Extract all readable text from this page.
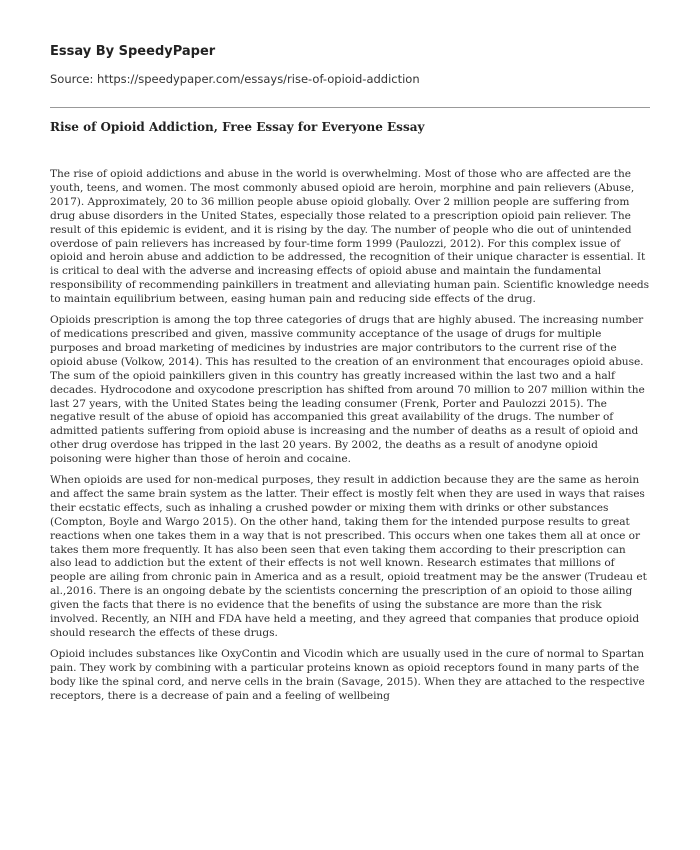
Essay By SpeedyPaper
Source: https://speedypaper.com/essays/rise-of-opioid-addiction
Rise of Opioid Addiction, Free Essay for Everyone Essay

The rise of opioid addictions and abuse in the world is overwhelming. Most of those who are affected are the youth, teens, and women. The most commonly abused opioid are heroin, morphine and pain relievers (Abuse, 2017). Approximately, 20 to 36 million people abuse opioid globally. Over 2 million people are suffering from drug abuse disorders in the United States, especially those related to a prescription opioid pain reliever. The result of this epidemic is evident, and it is rising by the day. The number of people who die out of unintended overdose of pain relievers has increased by four-time form 1999 (Paulozzi, 2012). For this complex issue of opioid and heroin abuse and addiction to be addressed, the recognition of their unique character is essential. It is critical to deal with the adverse and increasing effects of opioid abuse and maintain the fundamental responsibility of recommending painkillers in treatment and alleviating human pain. Scientific knowledge needs to maintain equilibrium between, easing human pain and reducing side effects of the drug.

Opioids prescription is among the top three categories of drugs that are highly abused. The increasing number of medications prescribed and given, massive community acceptance of the usage of drugs for multiple purposes and broad marketing of medicines by industries are major contributors to the current rise of the opioid abuse (Volkow, 2014). This has resulted to the creation of an environment that encourages opioid abuse. The sum of the opioid painkillers given in this country has greatly increased within the last two and a half decades. Hydrocodone and oxycodone prescription has shifted from around 70 million to 207 million within the last 27 years, with the United States being the leading consumer (Frenk, Porter and Paulozzi 2015). The negative result of the abuse of opioid has accompanied this great availability of the drugs. The number of admitted patients suffering from opioid abuse is increasing and the number of deaths as a result of opioid and other drug overdose has tripped in the last 20 years. By 2002, the deaths as a result of anodyne opioid poisoning were higher than those of heroin and cocaine.

When opioids are used for non-medical purposes, they result in addiction because they are the same as heroin and affect the same brain system as the latter. Their effect is mostly felt when they are used in ways that raises their ecstatic effects, such as inhaling a crushed powder or mixing them with drinks or other substances (Compton, Boyle and Wargo 2015). On the other hand, taking them for the intended purpose results to great reactions when one takes them in a way that is not prescribed. This occurs when one takes them all at once or takes them more frequently. It has also been seen that even taking them according to their prescription can also lead to addiction but the extent of their effects is not well known. Research estimates that millions of people are ailing from chronic pain in America and as a result, opioid treatment may be the answer (Trudeau et al.,2016. There is an ongoing debate by the scientists concerning the prescription of an opioid to those ailing given the facts that there is no evidence that the benefits of using the substance are more than the risk involved. Recently, an NIH and FDA have held a meeting, and they agreed that companies that produce opioid should research the effects of these drugs.

Opioid includes substances like OxyContin and Vicodin which are usually used in the cure of normal to Spartan pain. They work by combining with a particular proteins known as opioid receptors found in many parts of the body like the spinal cord, and nerve cells in the brain (Savage, 2015). When they are attached to the respective receptors, there is a decrease of pain and a feeling of wellbeing
